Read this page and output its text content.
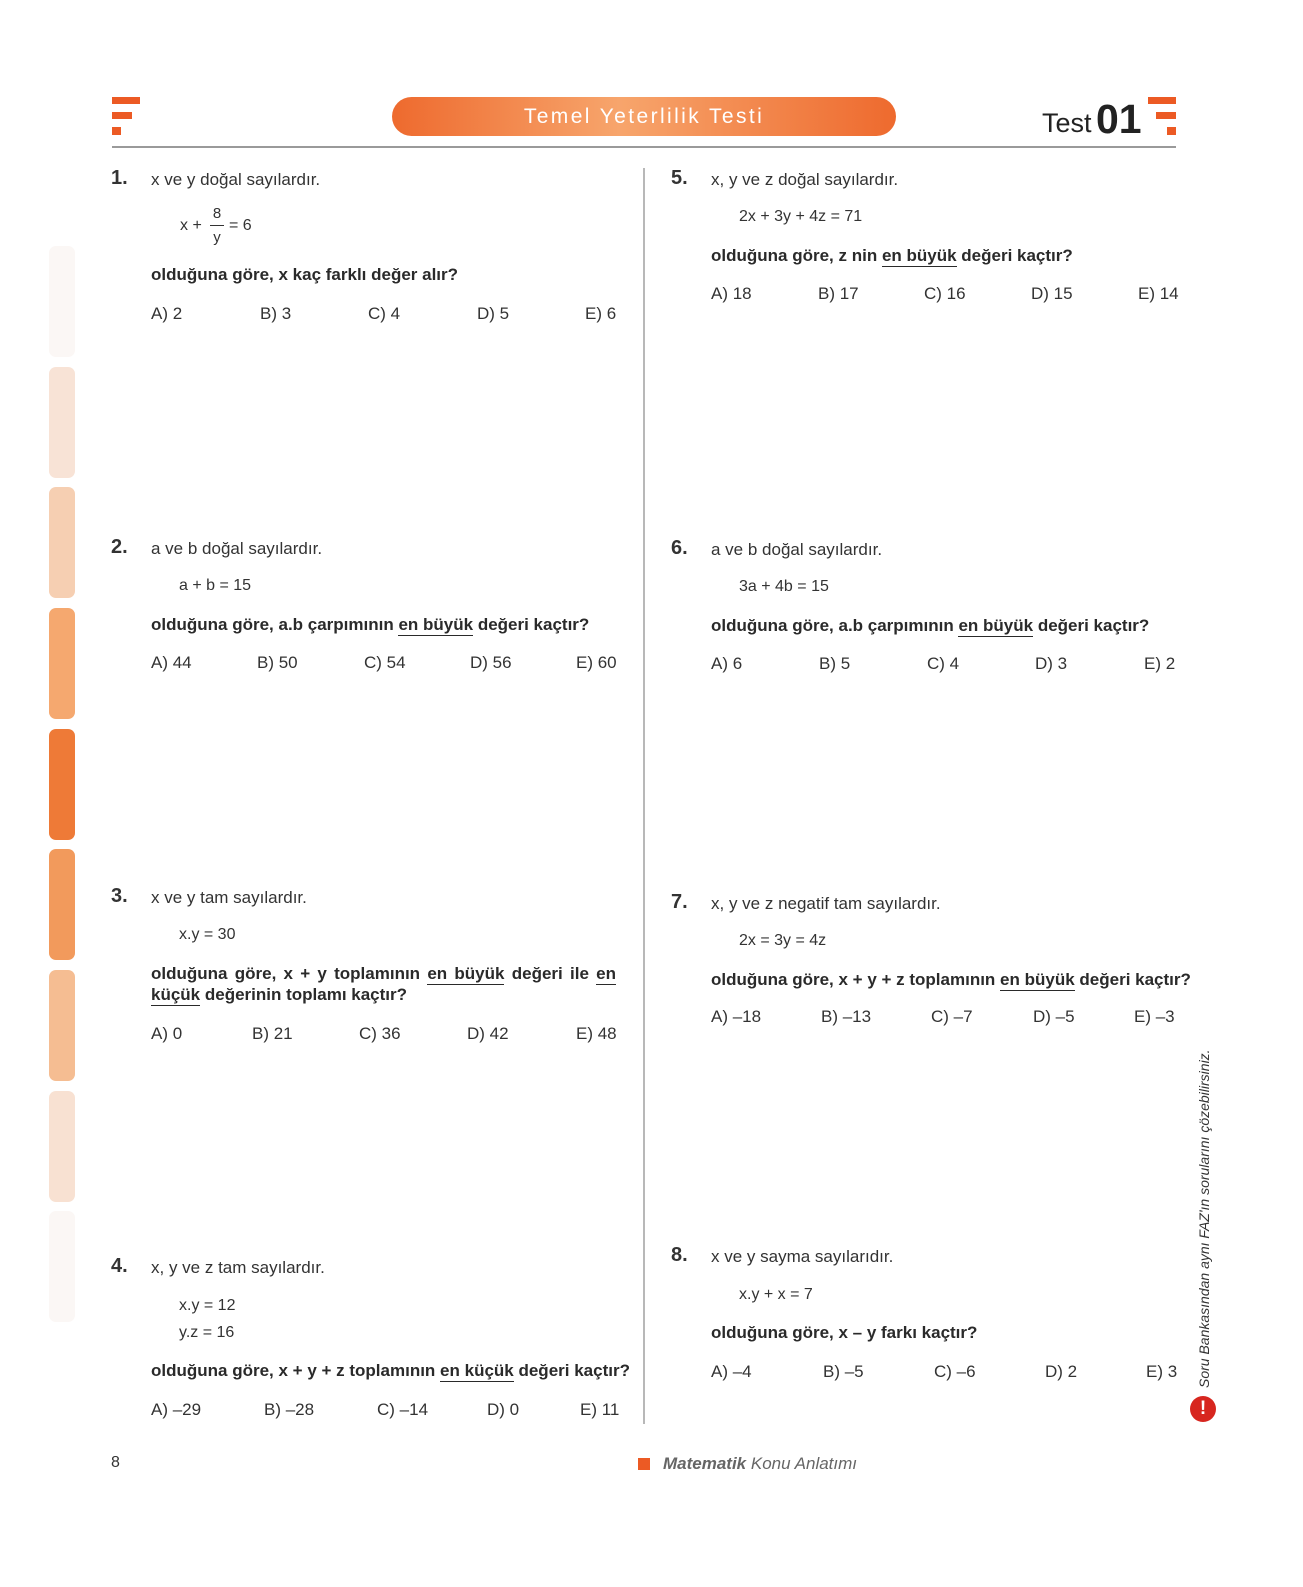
Temel Yeterlilik Testi	Test 01
1. x ve y doğal sayılardır.
x +
8
y
= 6
olduğuna göre, x kaç farklı değer alır?
A) 2	B) 3	C) 4	D) 5	E) 6
2. a ve b doğal sayılardır.
a + b = 15
olduğuna göre, a.b çarpımının en büyük değeri kaçtır?
A) 44	B) 50	C) 54	D) 56	E) 60
3. x ve y tam sayılardır.
x.y = 30
olduğuna göre, x + y toplamının en büyük değeri ile en
küçük değerinin toplamı kaçtır?
A) 0	B) 21	C) 36	D) 42	E) 48
4. x, y ve z tam sayılardır.
x.y = 12
y.z = 16
olduğuna göre, x + y + z toplamının en küçük değeri kaçtır?
A) –29	B) –28	C) –14	D) 0	E) 11
5. x, y ve z doğal sayılardır.
2x + 3y + 4z = 71
olduğuna göre, z nin en büyük değeri kaçtır?
A) 18	B) 17	C) 16	D) 15	E) 14
6. a ve b doğal sayılardır.
3a + 4b = 15
olduğuna göre, a.b çarpımının en büyük değeri kaçtır?
A) 6	B) 5	C) 4	D) 3	E) 2
7. x, y ve z negatif tam sayılardır.
2x = 3y = 4z
olduğuna göre, x + y + z toplamının en büyük değeri kaçtır?
A) –18	B) –13	C) –7	D) –5	E) –3
8. x ve y sayma sayılarıdır.
x.y + x = 7
olduğuna göre, x – y farkı kaçtır?
A) –4	B) –5	C) –6	D) 2	E) 3 Soru Bankasından aynı FAZ'ın sorularını çözebilirsiniz.
!
8	Matematik Konu Anlatımı
